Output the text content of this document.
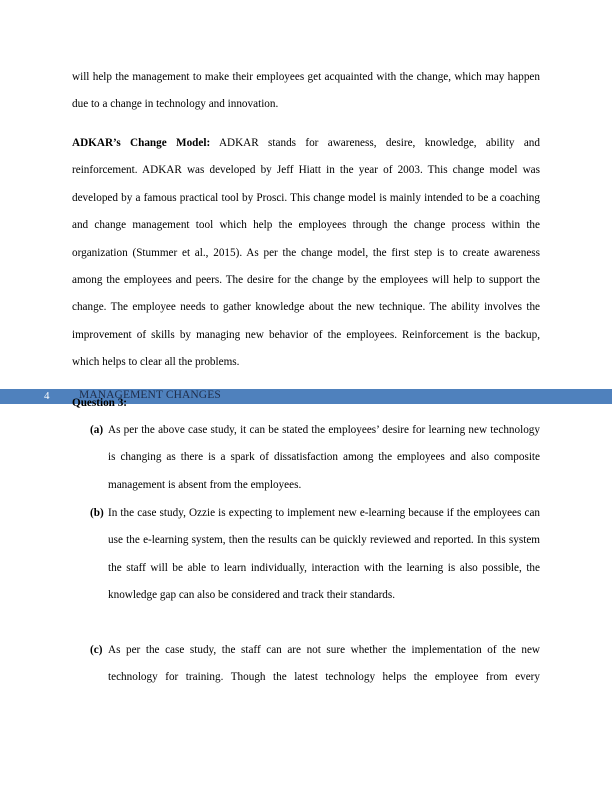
will help the management to make their employees get acquainted with the change, which may happen due to a change in technology and innovation.

ADKAR’s Change Model: ADKAR stands for awareness, desire, knowledge, ability and reinforcement. ADKAR was developed by Jeff Hiatt in the year of 2003. This change model was developed by a famous practical tool by Prosci. This change model is mainly intended to be a coaching and change management tool which help the employees through the change process within the organization (Stummer et al., 2015). As per the change model, the first step is to create awareness among the employees and peers. The desire for the change by the employees will help to support the change. The employee needs to gather knowledge about the new technique. The ability involves the improvement of skills by managing new behavior of the employees. Reinforcement is the backup, which helps to clear all the problems.

4	MANAGEMENT CHANGES
Question 3:
(a) As per the above case study, it can be stated the employees’ desire for learning new technology is changing as there is a spark of dissatisfaction among the employees and also composite management is absent from the employees.
(b) In the case study, Ozzie is expecting to implement new e-learning because if the employees can use the e-learning system, then the results can be quickly reviewed and reported. In this system the staff will be able to learn individually, interaction with the learning is also possible, the knowledge gap can also be considered and track their standards.
(c) As per the case study, the staff can are not sure whether the implementation of the new technology for training. Though the latest technology helps the employee from every
